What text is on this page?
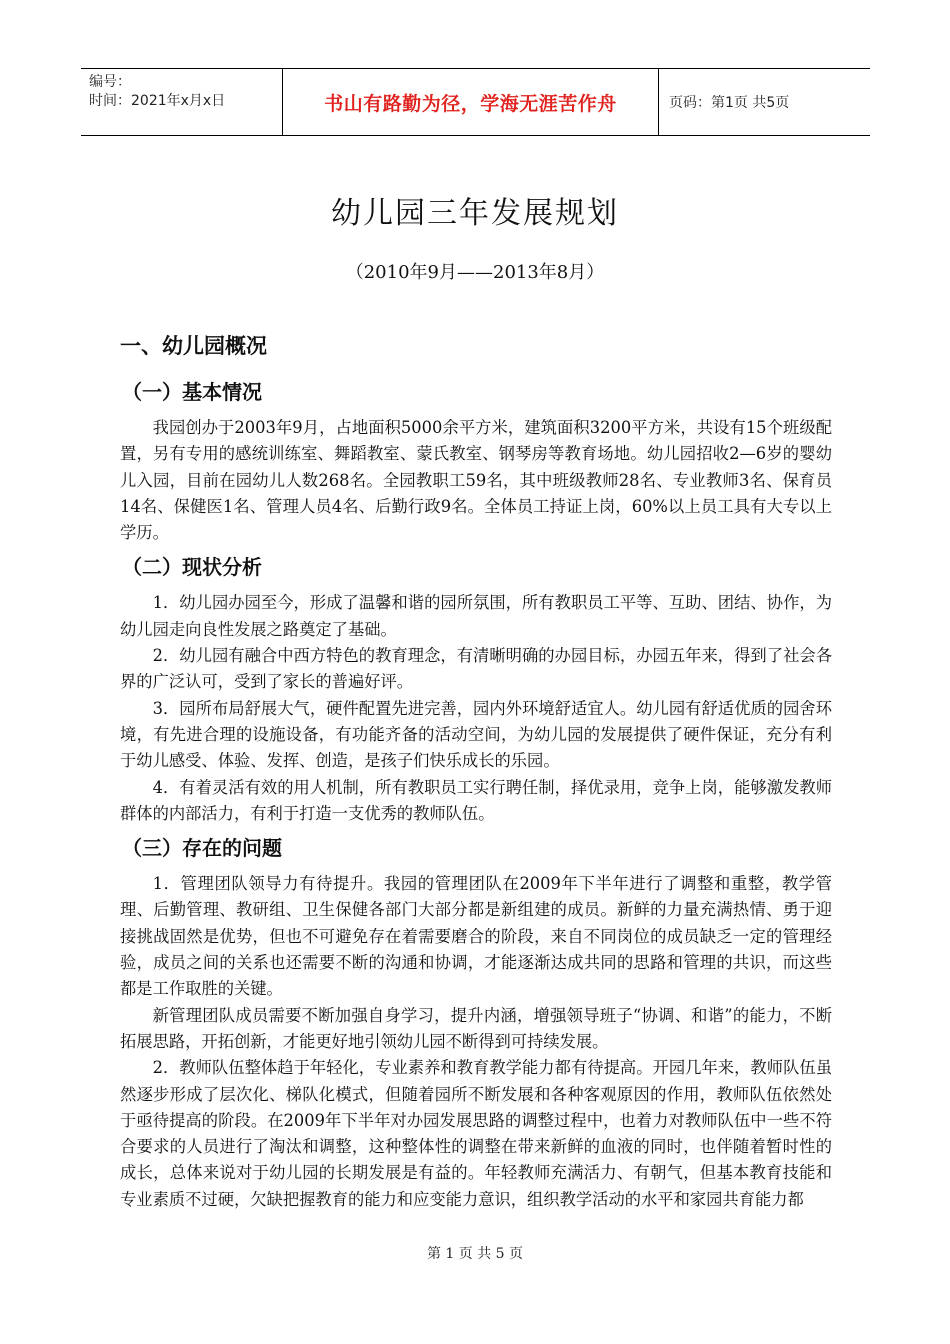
编号：
时间：2021年x月x日	书山有路勤为径，学海无涯苦作舟	页码：第1页 共5页
幼儿园三年发展规划
（2010年9月——2013年8月）
一、幼儿园概况
（一）基本情况

我园创办于2003年9月，占地面积5000余平方米，建筑面积3200平方米，共设有15个班级配置，另有专用的感统训练室、舞蹈教室、蒙氏教室、钢琴房等教育场地。幼儿园招收2—6岁的婴幼儿入园，目前在园幼儿人数268名。全园教职工59名，其中班级教师28名、专业教师3名、保育员14名、保健医1名、管理人员4名、后勤行政9名。全体员工持证上岗，60%以上员工具有大专以上学历。

（二）现状分析

1．幼儿园办园至今，形成了温馨和谐的园所氛围，所有教职员工平等、互助、团结、协作，为幼儿园走向良性发展之路奠定了基础。

2．幼儿园有融合中西方特色的教育理念，有清晰明确的办园目标，办园五年来，得到了社会各界的广泛认可，受到了家长的普遍好评。

3．园所布局舒展大气，硬件配置先进完善，园内外环境舒适宜人。幼儿园有舒适优质的园舍环境，有先进合理的设施设备，有功能齐备的活动空间，为幼儿园的发展提供了硬件保证，充分有利于幼儿感受、体验、发挥、创造，是孩子们快乐成长的乐园。

4．有着灵活有效的用人机制，所有教职员工实行聘任制，择优录用，竞争上岗，能够激发教师群体的内部活力，有利于打造一支优秀的教师队伍。

（三）存在的问题

1．管理团队领导力有待提升。我园的管理团队在2009年下半年进行了调整和重整，教学管理、后勤管理、教研组、卫生保健各部门大部分都是新组建的成员。新鲜的力量充满热情、勇于迎接挑战固然是优势，但也不可避免存在着需要磨合的阶段，来自不同岗位的成员缺乏一定的管理经验，成员之间的关系也还需要不断的沟通和协调，才能逐渐达成共同的思路和管理的共识，而这些都是工作取胜的关键。

新管理团队成员需要不断加强自身学习，提升内涵，增强领导班子“协调、和谐”的能力，不断拓展思路，开拓创新，才能更好地引领幼儿园不断得到可持续发展。

2．教师队伍整体趋于年轻化，专业素养和教育教学能力都有待提高。开园几年来，教师队伍虽然逐步形成了层次化、梯队化模式，但随着园所不断发展和各种客观原因的作用，教师队伍依然处于亟待提高的阶段。在2009年下半年对办园发展思路的调整过程中，也着力对教师队伍中一些不符合要求的人员进行了淘汰和调整，这种整体性的调整在带来新鲜的血液的同时，也伴随着暂时性的成长，总体来说对于幼儿园的长期发展是有益的。年轻教师充满活力、有朝气，但基本教育技能和专业素质不过硬，欠缺把握教育的能力和应变能力意识，组织教学活动的水平和家园共育能力都

第 1 页 共 5 页
